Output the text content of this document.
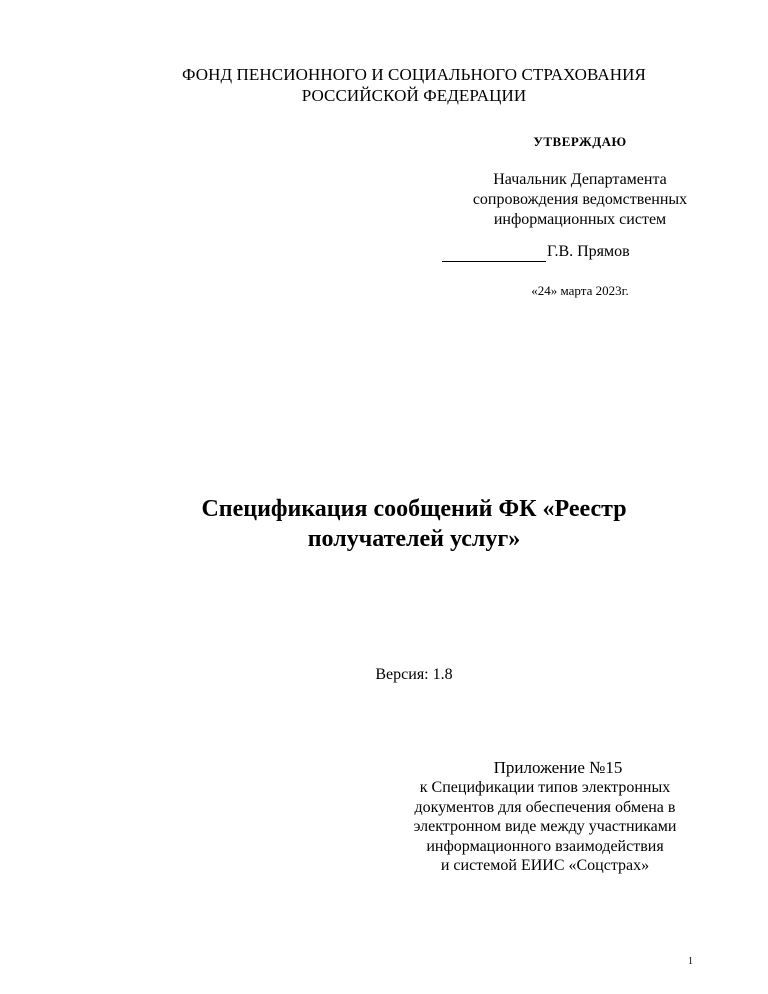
ФОНД ПЕНСИОННОГО И СОЦИАЛЬНОГО СТРАХОВАНИЯ
РОССИЙСКОЙ ФЕДЕРАЦИИ
УТВЕРЖДАЮ
Начальник Департамента
сопровождения ведомственных
информационных систем
Г.В. Прямов
«24» марта 2023г.
Спецификация сообщений ФК «Реестр
получателей услуг»
Версия: 1.8
Приложение №15
к Спецификации типов электронных
документов для обеспечения обмена в
электронном виде между участниками
информационного взаимодействия
и системой ЕИИС «Соцстрах»
1
